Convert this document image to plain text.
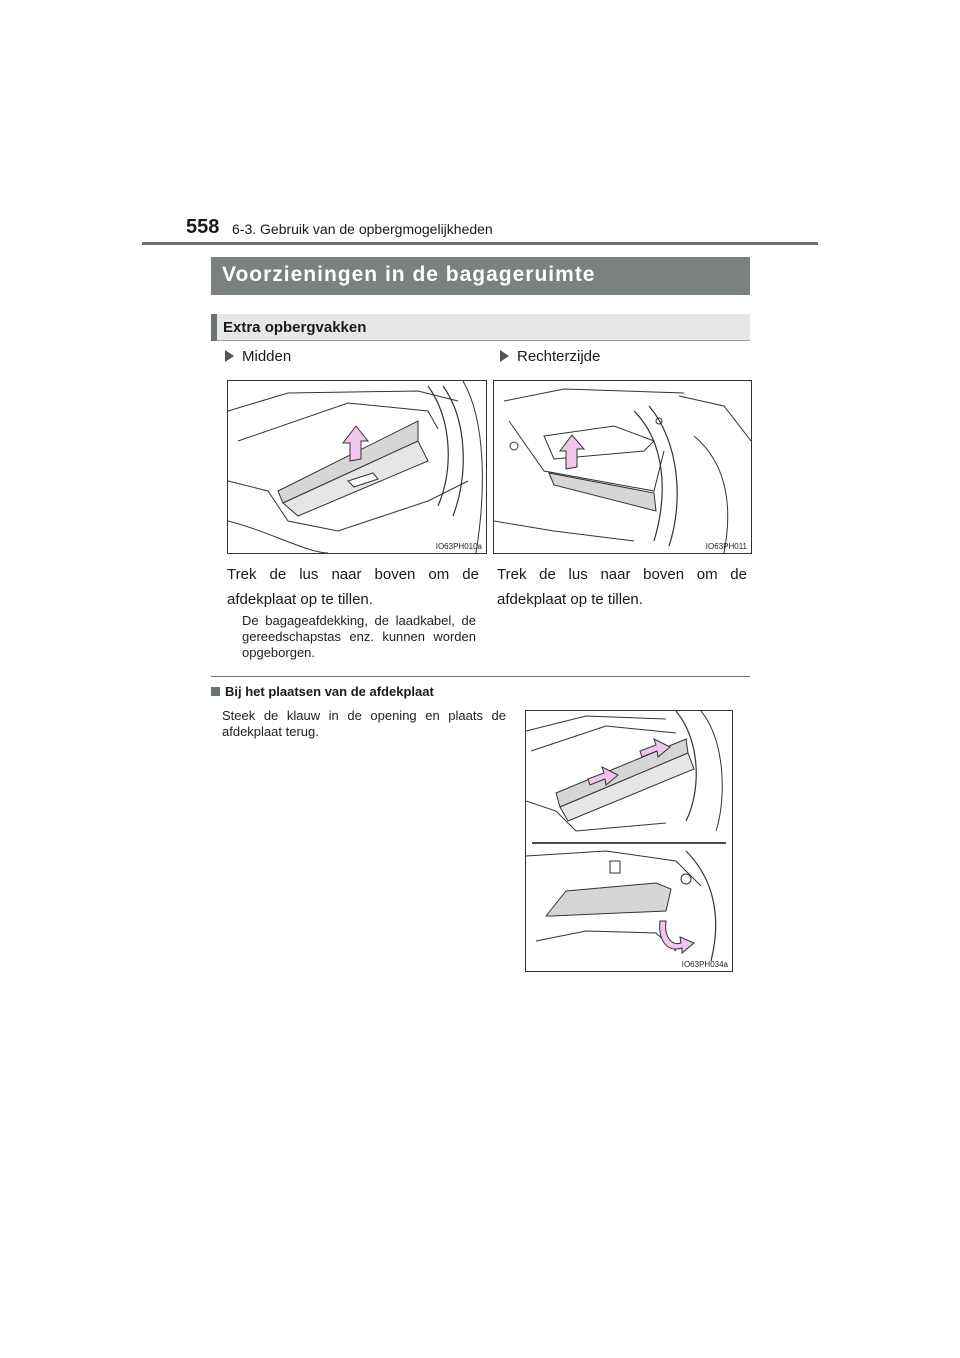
558 6-3. Gebruik van de opbergmogelijkheden
Voorzieningen in de bagageruimte
Extra opbergvakken
Midden
IO63PH010a
Trek de lus naar boven om de afdekplaat op te tillen.
De bagageafdekking, de laadkabel, de gereedschapstas enz. kunnen worden opgeborgen.
Rechterzijde
IO63PH011
Trek de lus naar boven om de afdekplaat op te tillen.
Bij het plaatsen van de afdekplaat
Steek de klauw in de opening en plaats de afdekplaat terug.
IO63PH034a
